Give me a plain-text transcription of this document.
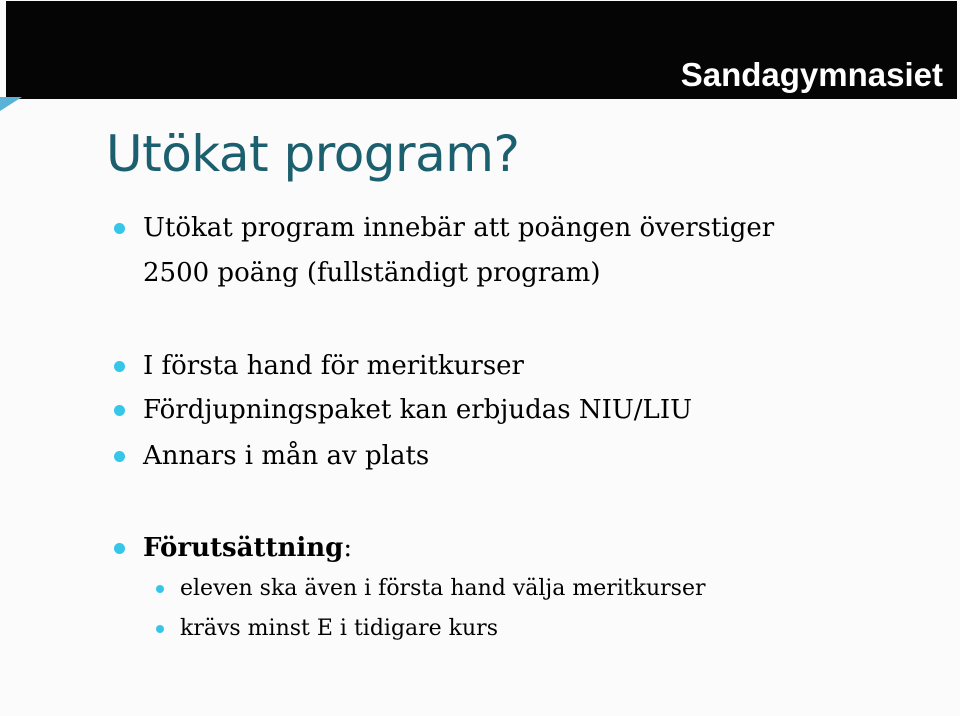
Sandagymnasiet
Utökat program?
Utökat program innebär att poängen överstiger
2500 poäng (fullständigt program)
I första hand för meritkurser
Fördjupningspaket kan erbjudas NIU/LIU
Annars i mån av plats
Förutsättning:
eleven ska även i första hand välja meritkurser
krävs minst E i tidigare kurs
